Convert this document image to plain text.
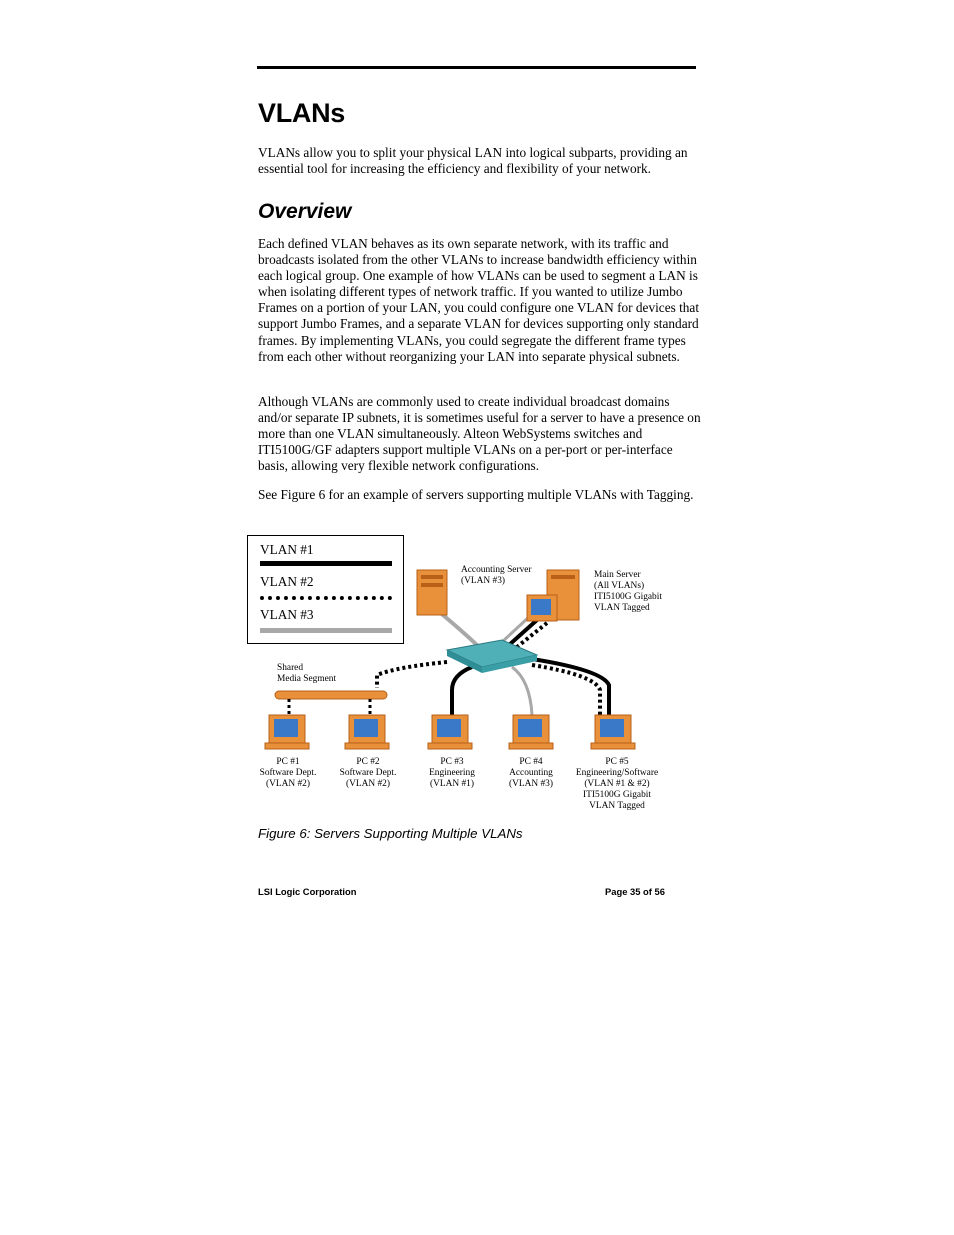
VLANs

VLANs allow you to split your physical LAN into logical subparts, providing an essential tool for increasing the efficiency and flexibility of your network.

Overview

Each defined VLAN behaves as its own separate network, with its traffic and broadcasts isolated from the other VLANs to increase bandwidth efficiency within each logical group. One example of how VLANs can be used to segment a LAN is when isolating different types of network traffic. If you wanted to utilize Jumbo Frames on a portion of your LAN, you could configure one VLAN for devices that support Jumbo Frames, and a separate VLAN for devices supporting only standard frames. By implementing VLANs, you could segregate the different frame types from each other without reorganizing your LAN into separate physical subnets.

Although VLANs are commonly used to create individual broadcast domains and/or separate IP subnets, it is sometimes useful for a server to have a presence on more than one VLAN simultaneously. Alteon WebSystems switches and ITI5100G/GF adapters support multiple VLANs on a per-port or per-interface basis, allowing very flexible network configurations.

See Figure 6 for an example of servers supporting multiple VLANs with Tagging.

VLAN #1
VLAN #2
VLAN #3
Accounting Server
(VLAN #3)
Main Server
(All VLANs)
ITI5100G Gigabit
VLAN Tagged
Shared
Media Segment
PC #1
Software Dept.
(VLAN #2)
PC #2
Software Dept.
(VLAN #2)
PC #3
Engineering
(VLAN #1)
PC #4
Accounting
(VLAN #3)
PC #5
Engineering/Software
(VLAN #1 & #2)
ITI5100G Gigabit
VLAN Tagged
Figure 6: Servers Supporting Multiple VLANs
LSI Logic Corporation	Page 35 of 56
